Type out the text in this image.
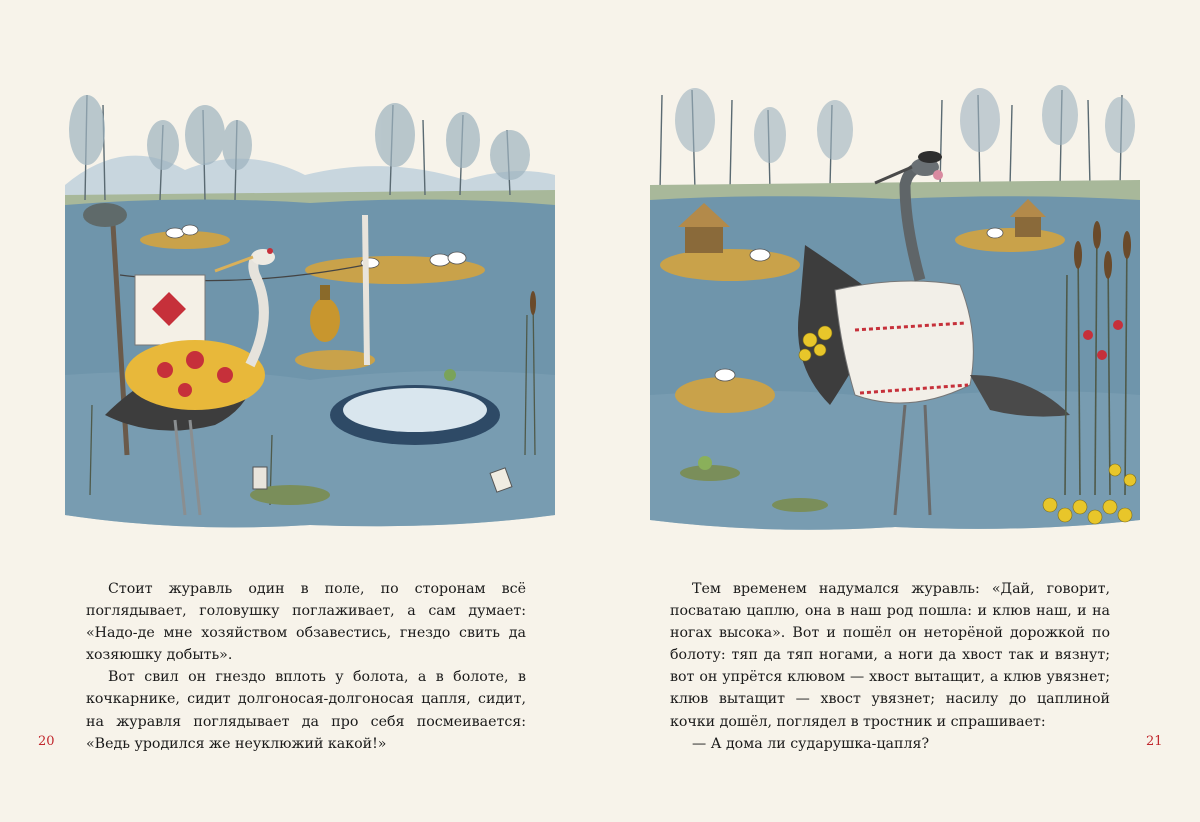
Стоит журавль один в поле, по сторонам всё поглядывает, головушку поглаживает, а сам думает: «Надо-де мне хозяйством обзавестись, гнездо свить да хозяюшку добыть».

Вот свил он гнездо вплоть у болота, а в болоте, в кочкарнике, сидит долгоносая-долгоносая цапля, сидит, на журавля поглядывает да про себя посмеивается: «Ведь уродился же неуклюжий какой!»

20

Тем временем надумался журавль: «Дай, говорит, посватаю цаплю, она в наш род пошла: и клюв наш, и на ногах высока». Вот и пошёл он неторёной дорожкой по болоту: тяп да тяп ногами, а ноги да хвост так и вязнут; вот он упрётся клювом — хвост вытащит, а клюв увязнет; клюв вытащит — хвост увязнет; насилу до цаплиной кочки дошёл, поглядел в тростник и спрашивает:

— А дома ли сударушка-цапля?	21
